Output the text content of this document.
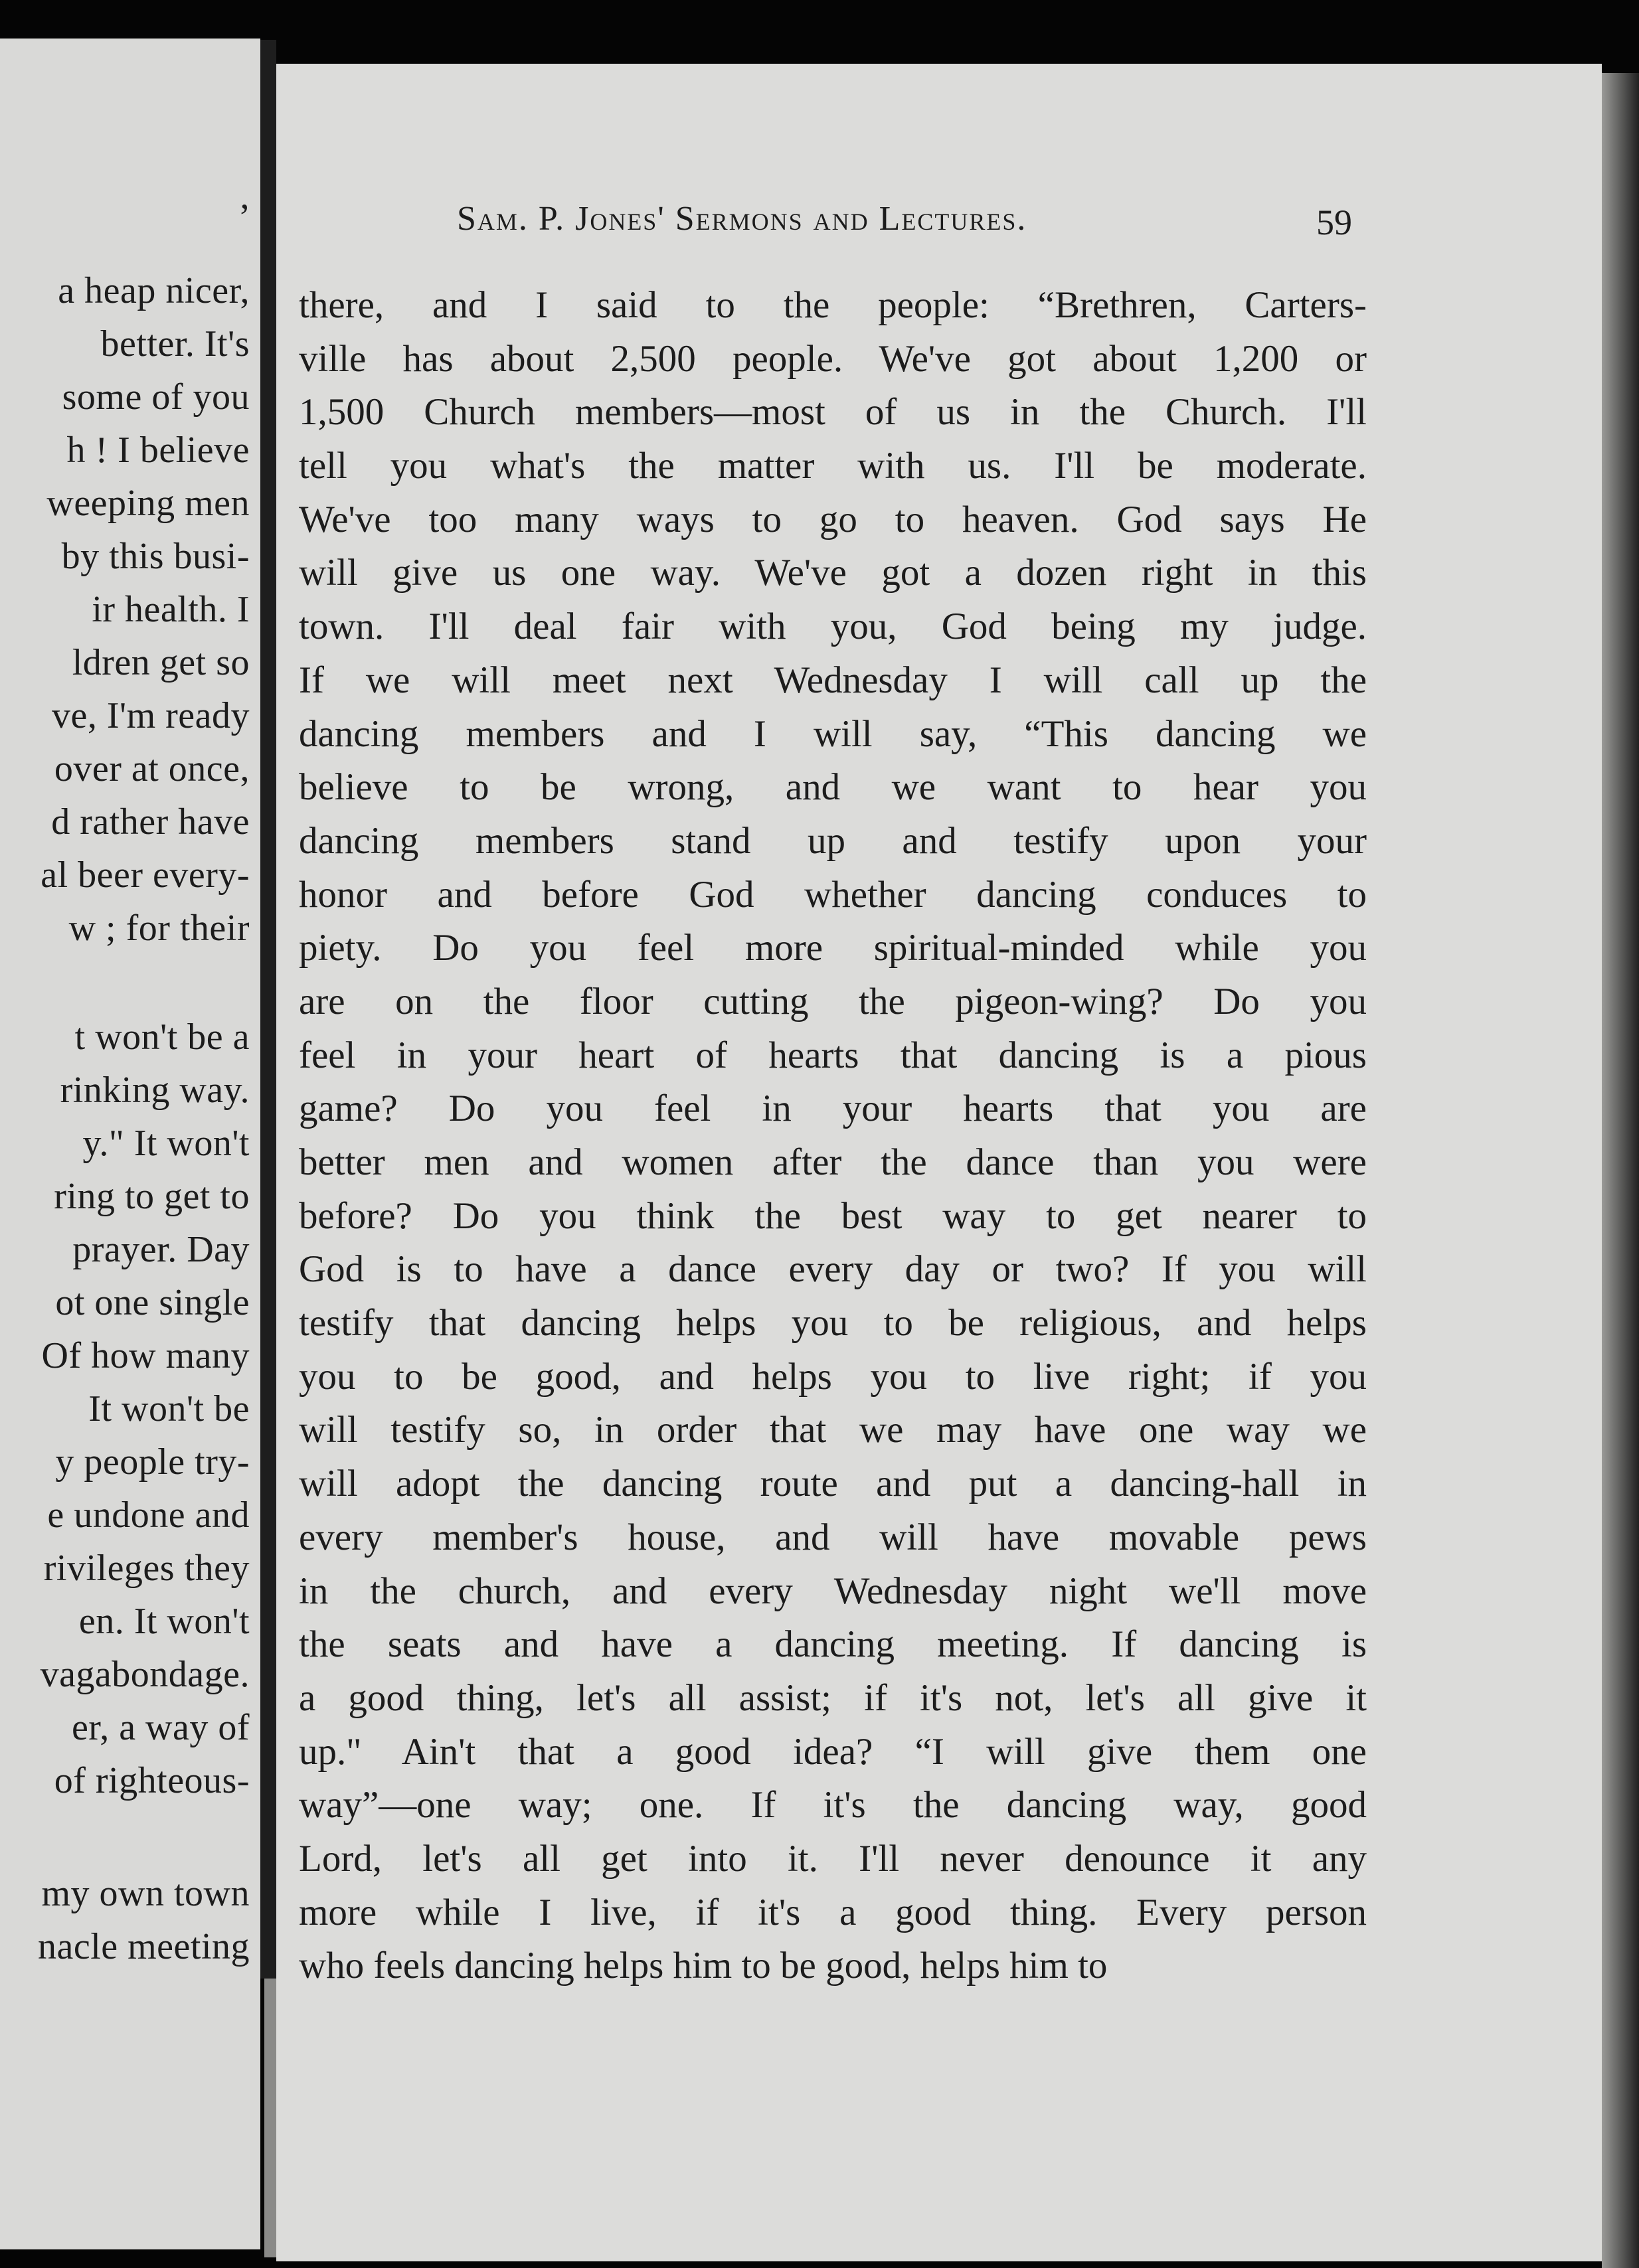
,

a heap nicer,

better. It's

some of you

h ! I believe

weeping men

by this busi-

ir health. I

ldren get so

ve, I'm ready

over at once,

d rather have

al beer every-

w ; for their

t won't be a

rinking way.

y." It won't

ring to get to

prayer. Day

ot one single

Of how many

It won't be

y people try-

e undone and

rivileges they

en. It won't

vagabondage.

er, a way of

of righteous-

my own town

nacle meeting

Sam. P. Jones' Sermons and Lectures.	59

there, and I said to the people: “Brethren, Carters-

ville has about 2,500 people. We've got about 1,200 or

1,500 Church members—most of us in the Church. I'll

tell you what's the matter with us. I'll be moderate.

We've too many ways to go to heaven. God says He

will give us one way. We've got a dozen right in this

town. I'll deal fair with you, God being my judge.

If we will meet next Wednesday I will call up the

dancing members and I will say, “This dancing we

believe to be wrong, and we want to hear you

dancing members stand up and testify upon your

honor and before God whether dancing conduces to

piety. Do you feel more spiritual-minded while you

are on the floor cutting the pigeon-wing? Do you

feel in your heart of hearts that dancing is a pious

game? Do you feel in your hearts that you are

better men and women after the dance than you were

before? Do you think the best way to get nearer to

God is to have a dance every day or two? If you will

testify that dancing helps you to be religious, and helps

you to be good, and helps you to live right; if you

will testify so, in order that we may have one way we

will adopt the dancing route and put a dancing-hall in

every member's house, and will have movable pews

in the church, and every Wednesday night we'll move

the seats and have a dancing meeting. If dancing is

a good thing, let's all assist; if it's not, let's all give it

up." Ain't that a good idea? “I will give them one

way”—one way; one. If it's the dancing way, good

Lord, let's all get into it. I'll never denounce it any

more while I live, if it's a good thing. Every person

who feels dancing helps him to be good, helps him to
